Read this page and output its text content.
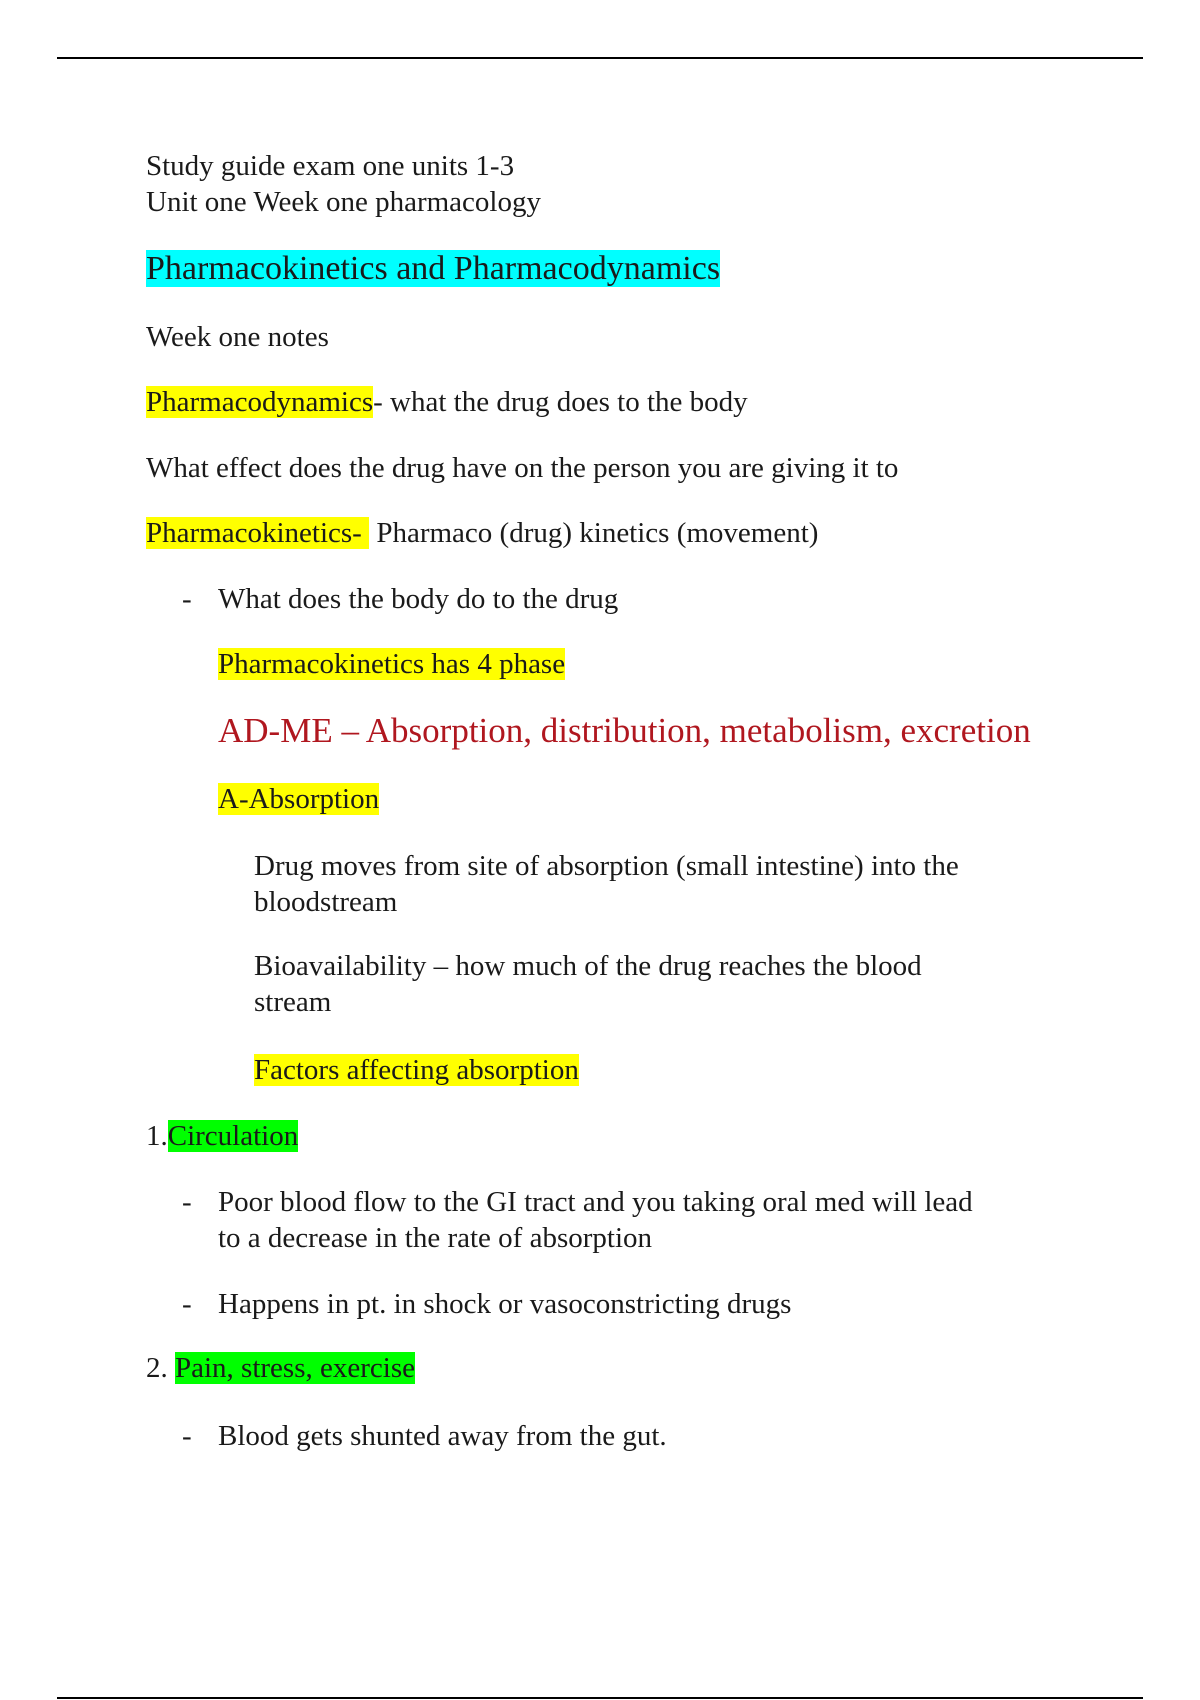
Study guide exam one units 1-3
Unit one Week one pharmacology
Pharmacokinetics and Pharmacodynamics
Week one notes
Pharmacodynamics- what the drug does to the body
What effect does the drug have on the person you are giving it to
Pharmacokinetics-  Pharmaco (drug) kinetics (movement)
- What does the body do to the drug
Pharmacokinetics has 4 phase
AD-ME – Absorption, distribution, metabolism, excretion
A-Absorption
Drug moves from site of absorption (small intestine) into the
bloodstream
Bioavailability – how much of the drug reaches the blood
stream
Factors affecting absorption
1.Circulation
- Poor blood flow to the GI tract and you taking oral med will lead
to a decrease in the rate of absorption
- Happens in pt. in shock or vasoconstricting drugs
2. Pain, stress, exercise
- Blood gets shunted away from the gut.
